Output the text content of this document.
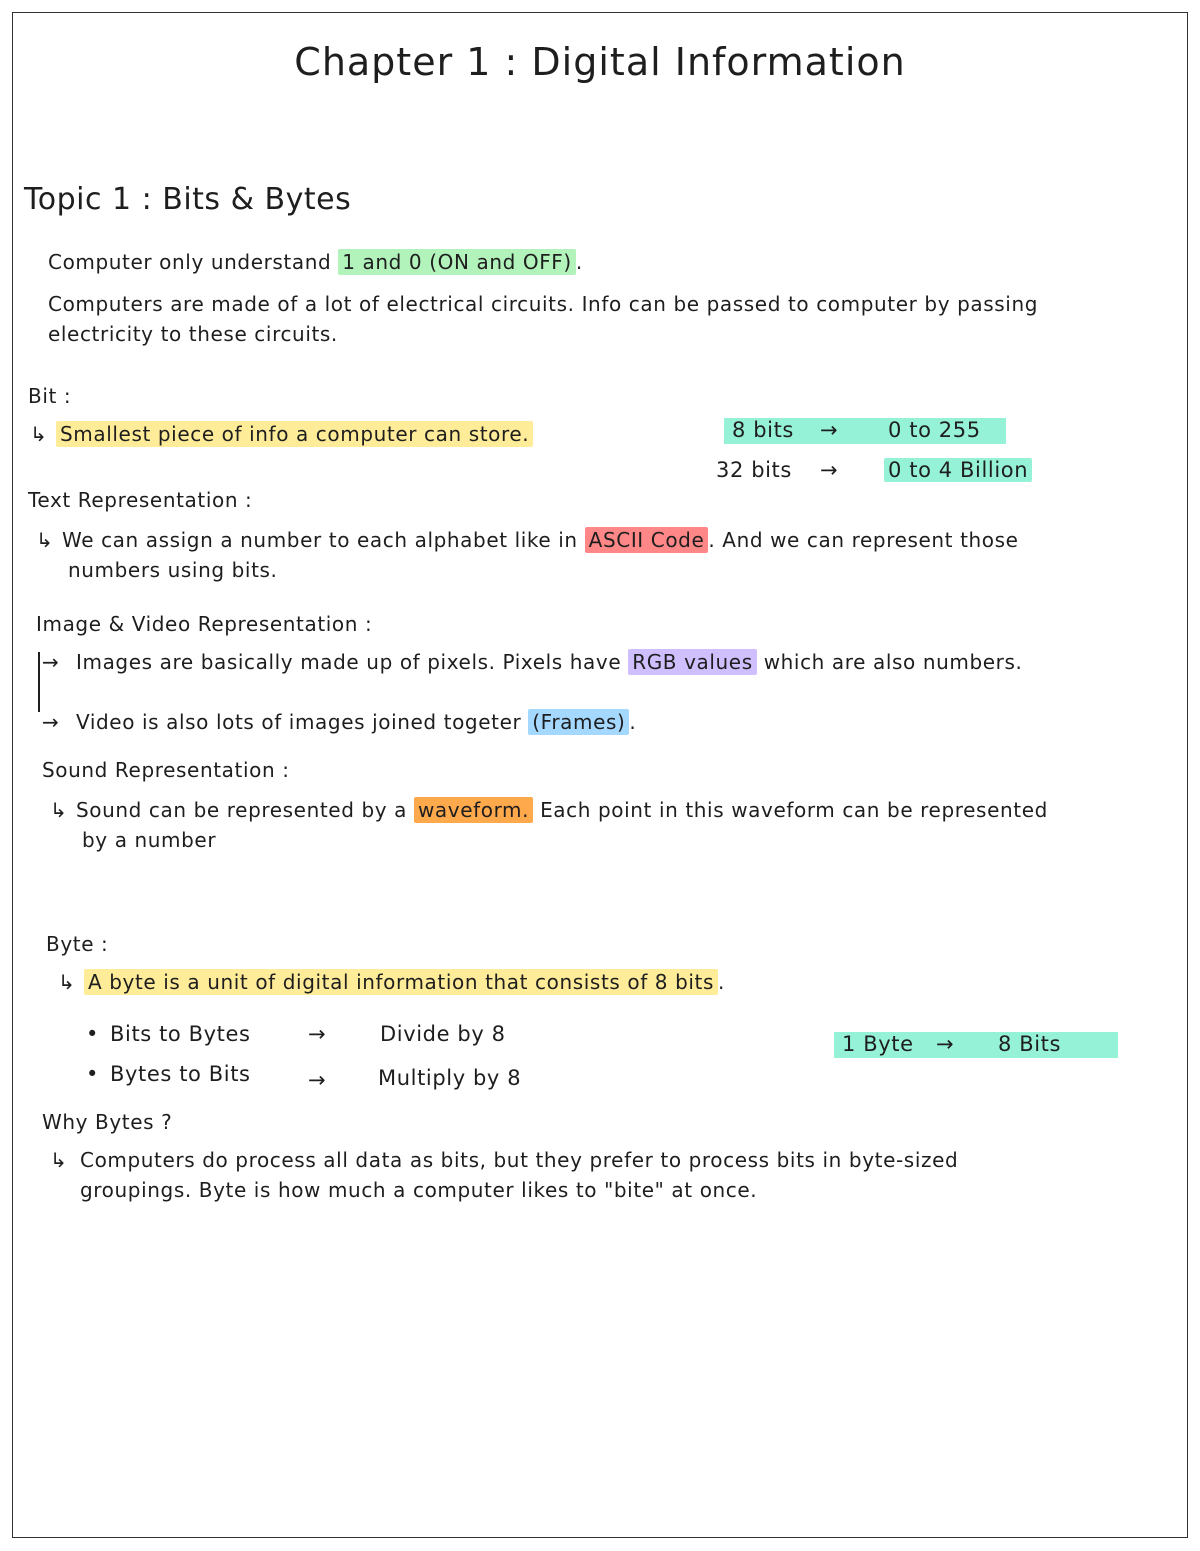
Chapter 1 : Digital Information
Topic 1 : Bits & Bytes
Computer only understand 1 and 0 (ON and OFF) .
Computers are made of a lot of electrical circuits. Info can be passed to computer by passing
electricity to these circuits.
Bit :
↳ Smallest piece of info a computer can store.	8 bits → 0 to 255
32 bits → 0 to 4 Billion
Text Representation :
↳ We can assign a number to each alphabet like in ASCII Code . And we can represent those
numbers using bits.
Image & Video Representation :
→ Images are basically made up of pixels. Pixels have RGB values which are also numbers.
→ Video is also lots of images joined togeter (Frames) .
Sound Representation :
↳ Sound can be represented by a waveform. Each point in this waveform can be represented
by a number
Byte :
↳ A byte is a unit of digital information that consists of 8 bits .
• Bits to Bytes	→	Divide by 8
• Bytes to Bits	→ Multiply by 8
1 Byte → 8 Bits
Why Bytes ?
↳ Computers do process all data as bits, but they prefer to process bits in byte-sized
groupings. Byte is how much a computer likes to "bite" at once.
